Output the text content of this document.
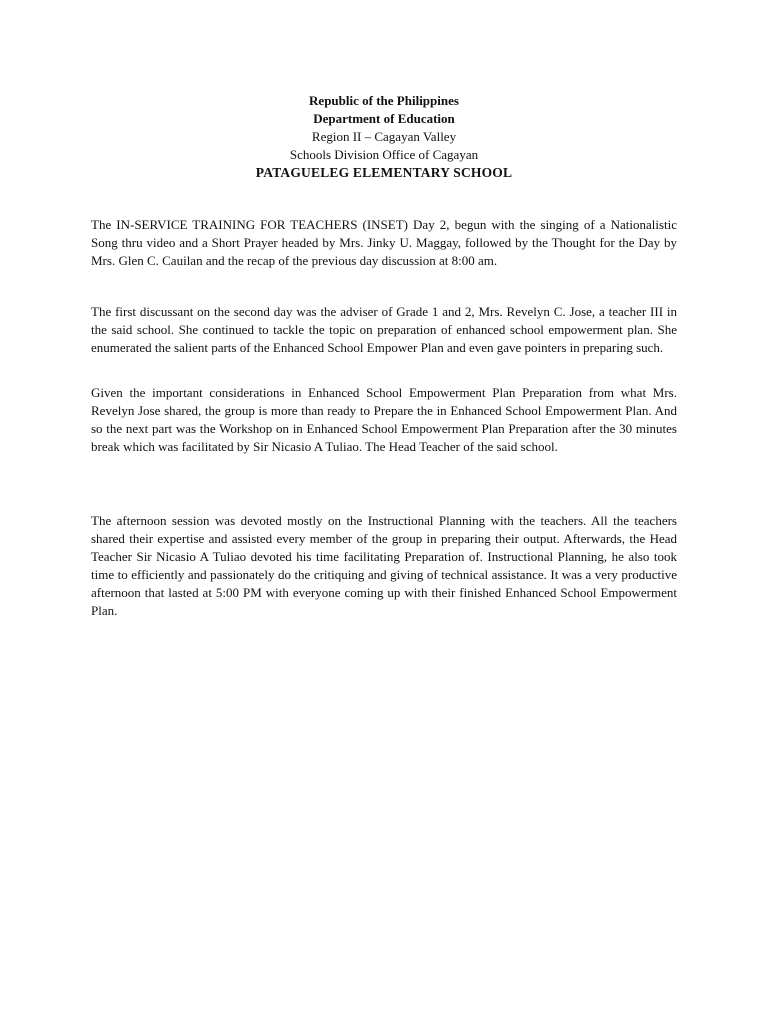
Republic of the Philippines
Department of Education
Region II – Cagayan Valley
Schools Division Office of Cagayan
PATAGUELEG ELEMENTARY SCHOOL

The IN-SERVICE TRAINING FOR TEACHERS (INSET) Day 2, begun with the singing of a Nationalistic Song thru video and a Short Prayer headed by Mrs. Jinky U. Maggay, followed by the Thought for the Day by Mrs. Glen C. Cauilan and the recap of the previous day discussion at 8:00 am.

The first discussant on the second day was the adviser of Grade 1 and 2, Mrs. Revelyn C. Jose, a teacher III in the said school. She continued to tackle the topic on preparation of enhanced school empowerment plan. She enumerated the salient parts of the Enhanced School Empower Plan and even gave pointers in preparing such.

Given the important considerations in Enhanced School Empowerment Plan Preparation from what Mrs. Revelyn Jose shared, the group is more than ready to Prepare the in Enhanced School Empowerment Plan. And so the next part was the Workshop on in Enhanced School Empowerment Plan Preparation after the 30 minutes break which was facilitated by Sir Nicasio A Tuliao. The Head Teacher of the said school.

The afternoon session was devoted mostly on the Instructional Planning with the teachers. All the teachers shared their expertise and assisted every member of the group in preparing their output. Afterwards, the Head Teacher Sir Nicasio A Tuliao devoted his time facilitating Preparation of. Instructional Planning, he also took time to efficiently and passionately do the critiquing and giving of technical assistance. It was a very productive afternoon that lasted at 5:00 PM with everyone coming up with their finished Enhanced School Empowerment Plan.
